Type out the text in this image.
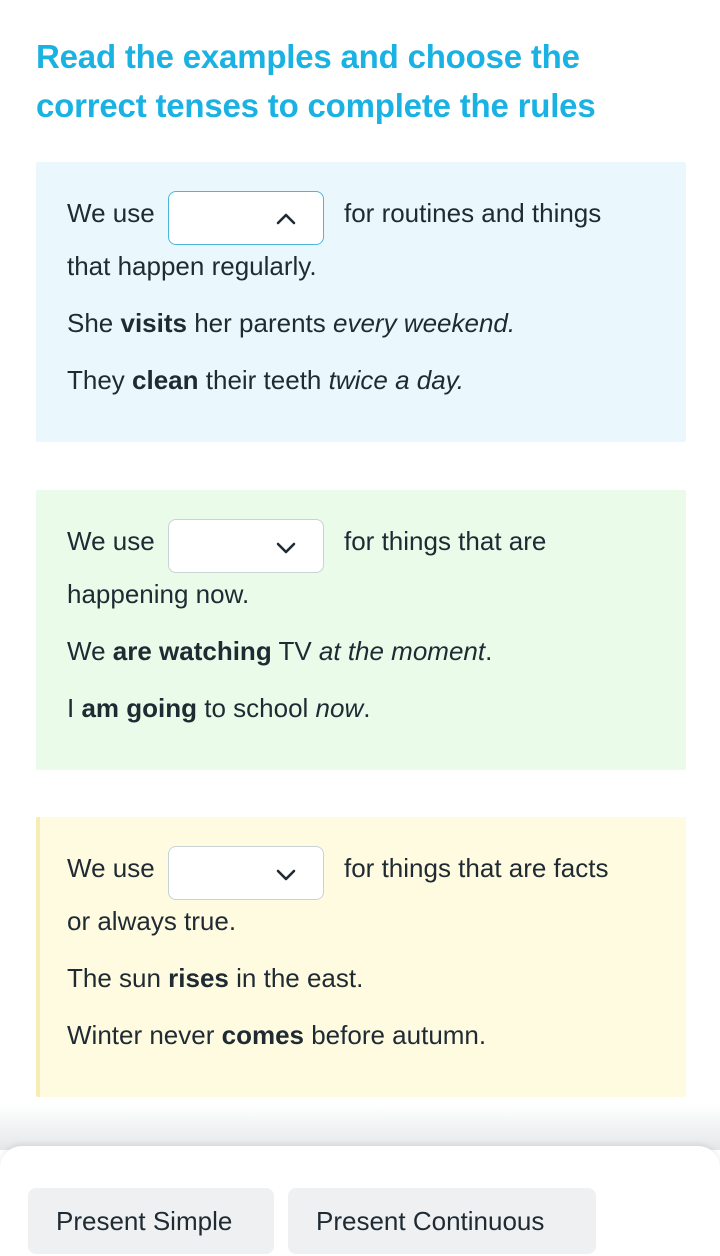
Read the examples and choose the correct tenses to complete the rules
We use	for routines and things
that happen regularly.
She visits her parents every weekend.
They clean their teeth twice a day.
We use	for things that are
happening now.
We are watching TV at the moment.
I am going to school now.
We use	for things that are facts
or always true.
The sun rises in the east.
Winter never comes before autumn.
Present Simple	Present Continuous
